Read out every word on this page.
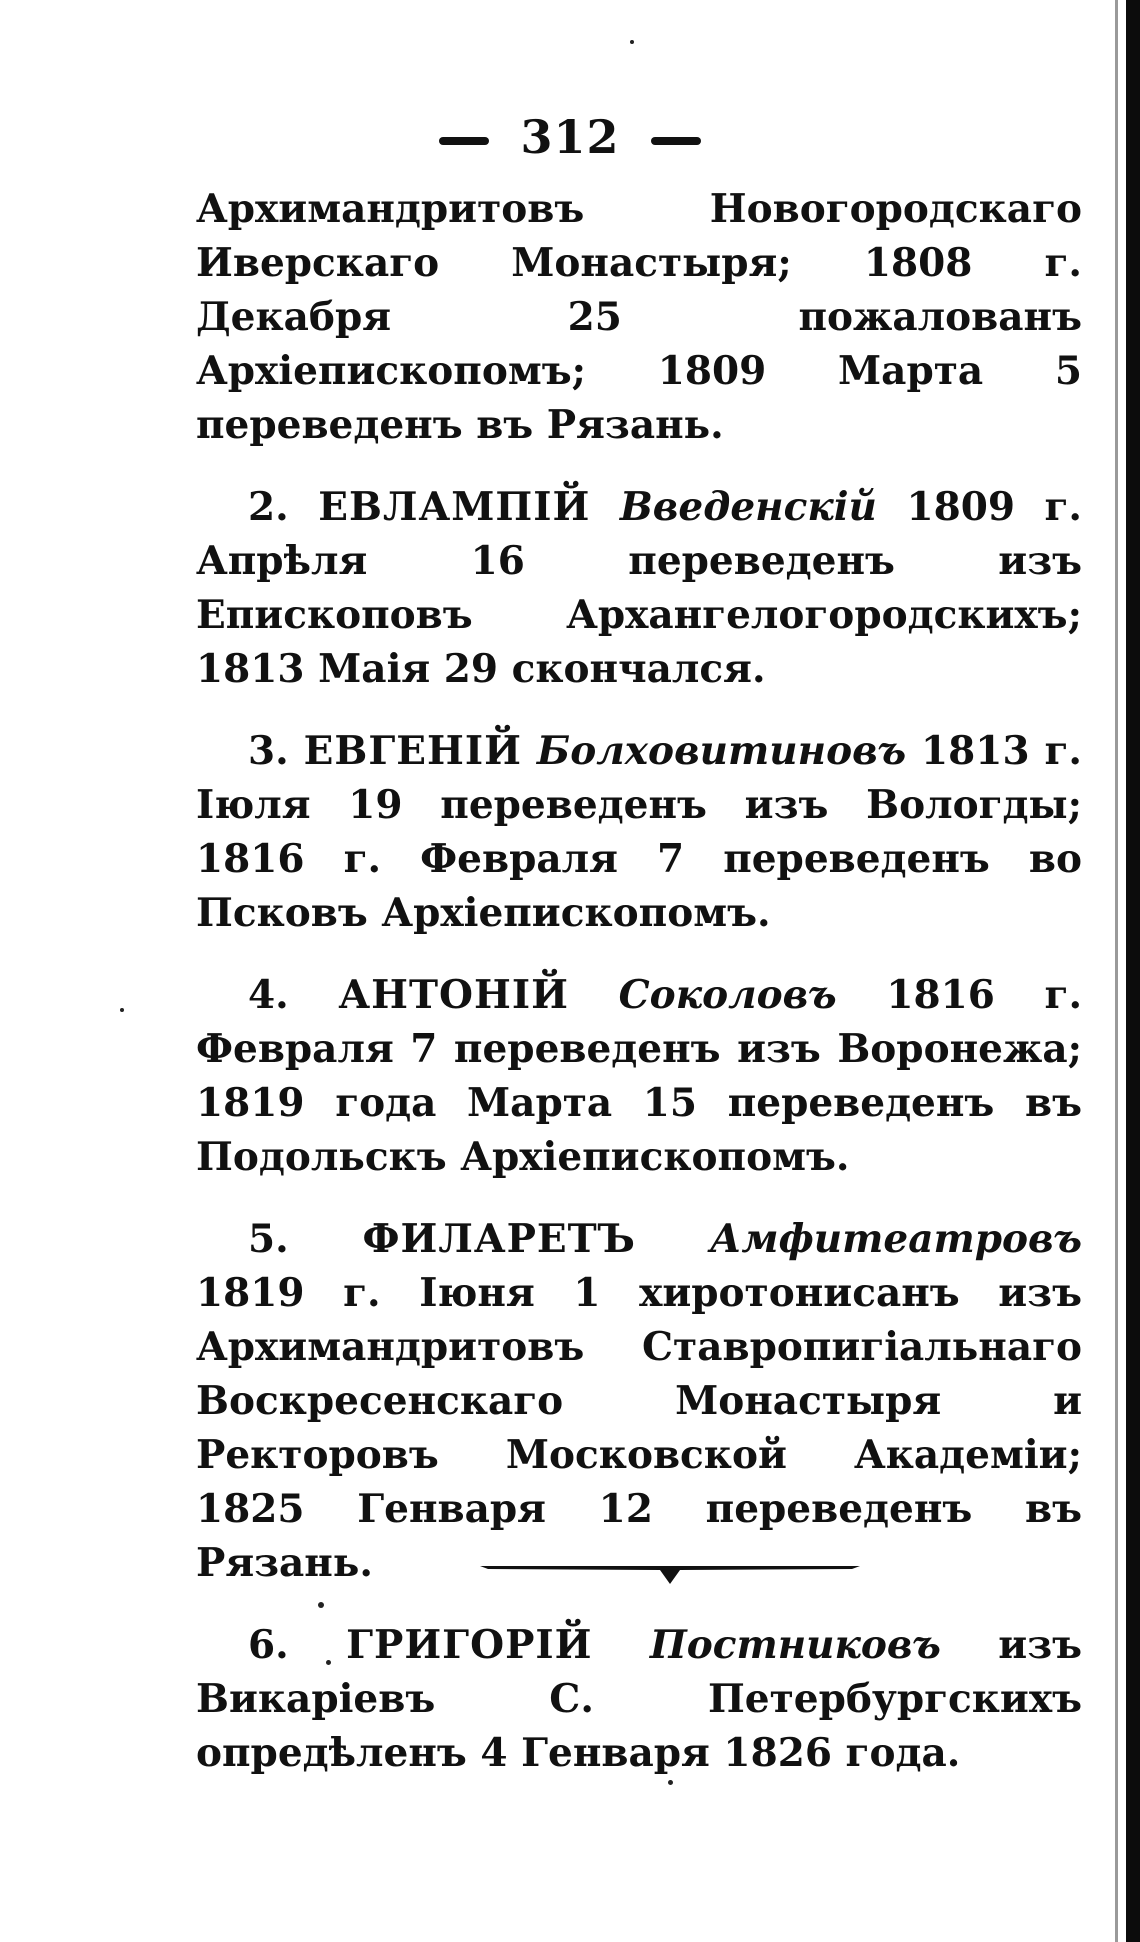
312

Архимандритовъ Новогородскаго Иверскаго Монастыря; 1808 г. Декабря 25 пожалованъ Архіепископомъ; 1809 Марта 5 переведенъ въ Рязань.

2. ЕВЛАМПІЙ Введенскій 1809 г. Апрѣля 16 переведенъ изъ Епископовъ Архангелогородскихъ; 1813 Маія 29 скончался.

3. ЕВГЕНІЙ Болховитиновъ 1813 г. Іюля 19 переведенъ изъ Вологды; 1816 г. Февраля 7 переведенъ во Псковъ Архіепископомъ.

4. АНТОНІЙ Соколовъ 1816 г. Февраля 7 переведенъ изъ Воронежа; 1819 года Марта 15 переведенъ въ Подольскъ Архіепископомъ.

5. ФИЛАРЕТЪ Амфитеатровъ 1819 г. Іюня 1 хиротонисанъ изъ Архимандритовъ Ставропигіальнаго Воскресенскаго Монастыря и Ректоровъ Московской Академіи; 1825 Генваря 12 переведенъ въ Рязань.

6. ГРИГОРІЙ Постниковъ изъ Викаріевъ С. Петербургскихъ опредѣленъ 4 Генваря 1826 года.
